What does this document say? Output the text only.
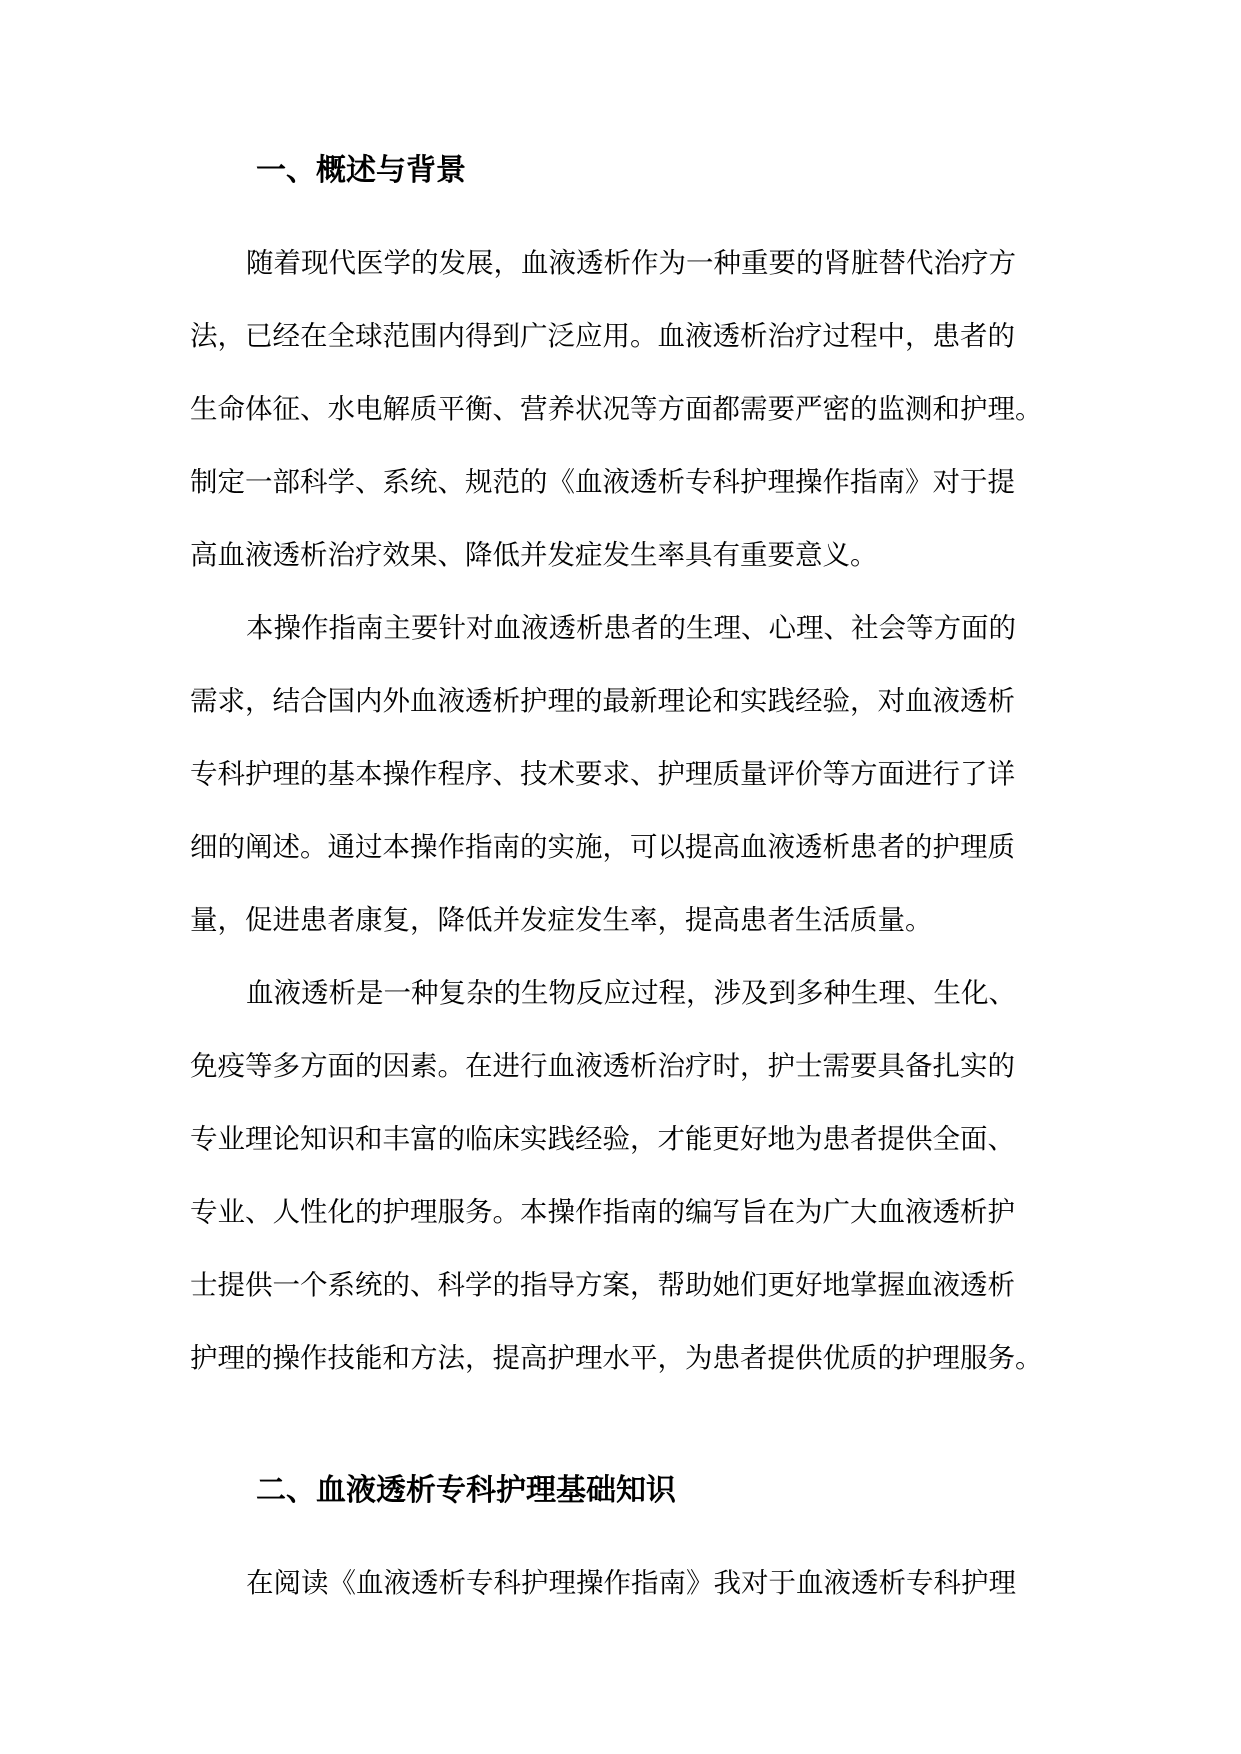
一、概述与背景

随着现代医学的发展，血液透析作为一种重要的肾脏替代治疗方

法，已经在全球范围内得到广泛应用。血液透析治疗过程中，患者的

生命体征、水电解质平衡、营养状况等方面都需要严密的监测和护理。

制定一部科学、系统、规范的《血液透析专科护理操作指南》对于提

高血液透析治疗效果、降低并发症发生率具有重要意义。

本操作指南主要针对血液透析患者的生理、心理、社会等方面的

需求，结合国内外血液透析护理的最新理论和实践经验，对血液透析

专科护理的基本操作程序、技术要求、护理质量评价等方面进行了详

细的阐述。通过本操作指南的实施，可以提高血液透析患者的护理质

量，促进患者康复，降低并发症发生率，提高患者生活质量。

血液透析是一种复杂的生物反应过程，涉及到多种生理、生化、

免疫等多方面的因素。在进行血液透析治疗时，护士需要具备扎实的

专业理论知识和丰富的临床实践经验，才能更好地为患者提供全面、

专业、人性化的护理服务。本操作指南的编写旨在为广大血液透析护

士提供一个系统的、科学的指导方案，帮助她们更好地掌握血液透析

护理的操作技能和方法，提高护理水平，为患者提供优质的护理服务。

二、血液透析专科护理基础知识

在阅读《血液透析专科护理操作指南》我对于血液透析专科护理
